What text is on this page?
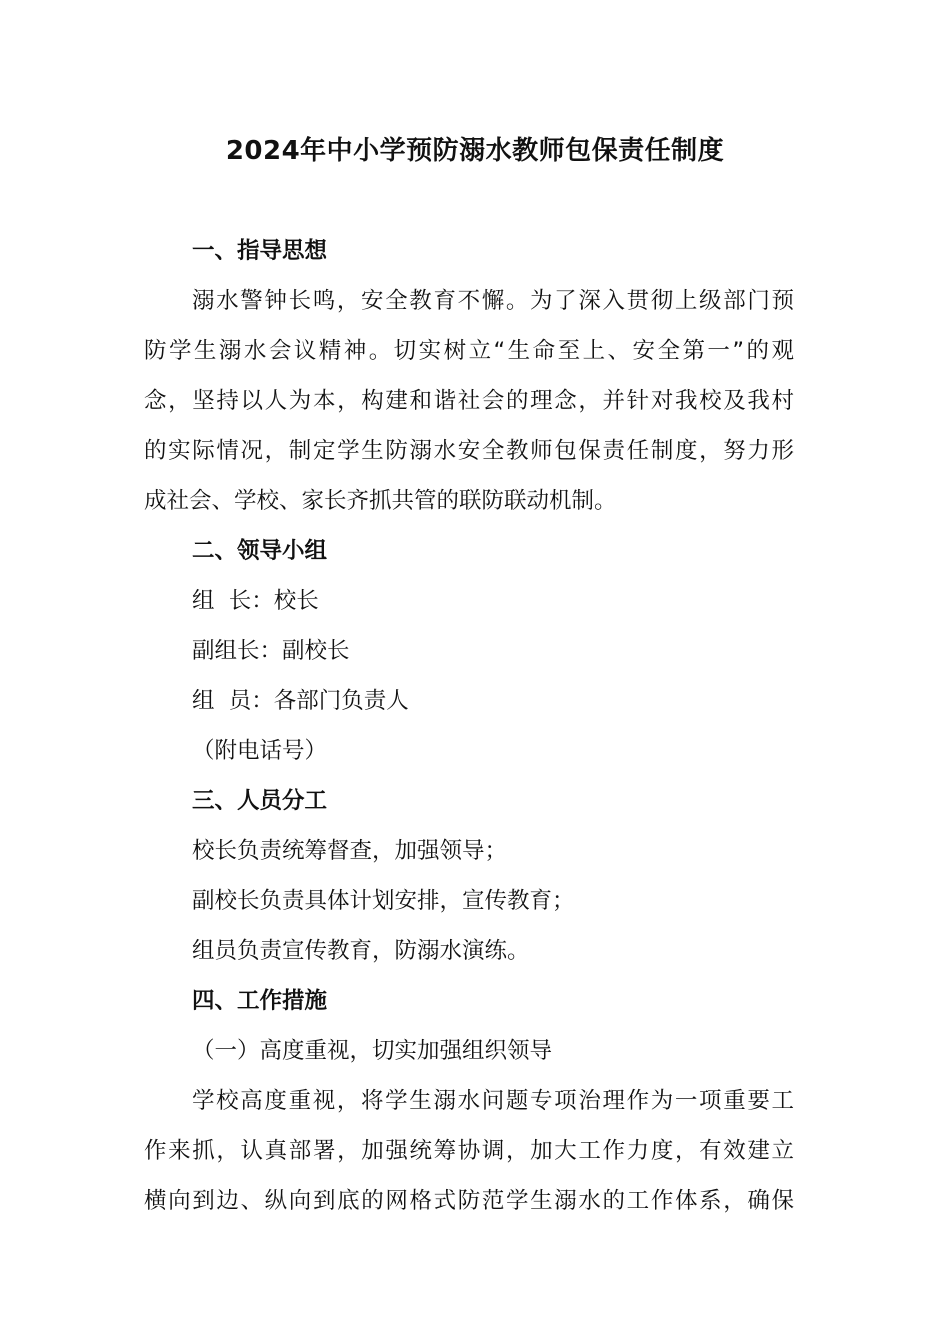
2024年中小学预防溺水教师包保责任制度
一、指导思想
溺水警钟长鸣，安全教育不懈。为了深入贯彻上级部门预
防学生溺水会议精神。切实树立“生命至上、安全第一”的观
念，坚持以人为本，构建和谐社会的理念，并针对我校及我村
的实际情况，制定学生防溺水安全教师包保责任制度，努力形
成社会、学校、家长齐抓共管的联防联动机制。
二、领导小组
组  长：校长
副组长：副校长
组  员：各部门负责人
（附电话号）
三、人员分工
校长负责统筹督查，加强领导；
副校长负责具体计划安排，宣传教育；
组员负责宣传教育，防溺水演练。
四、工作措施
（一）高度重视，切实加强组织领导
学校高度重视，将学生溺水问题专项治理作为一项重要工
作来抓，认真部署，加强统筹协调，加大工作力度，有效建立
横向到边、纵向到底的网格式防范学生溺水的工作体系，确保
